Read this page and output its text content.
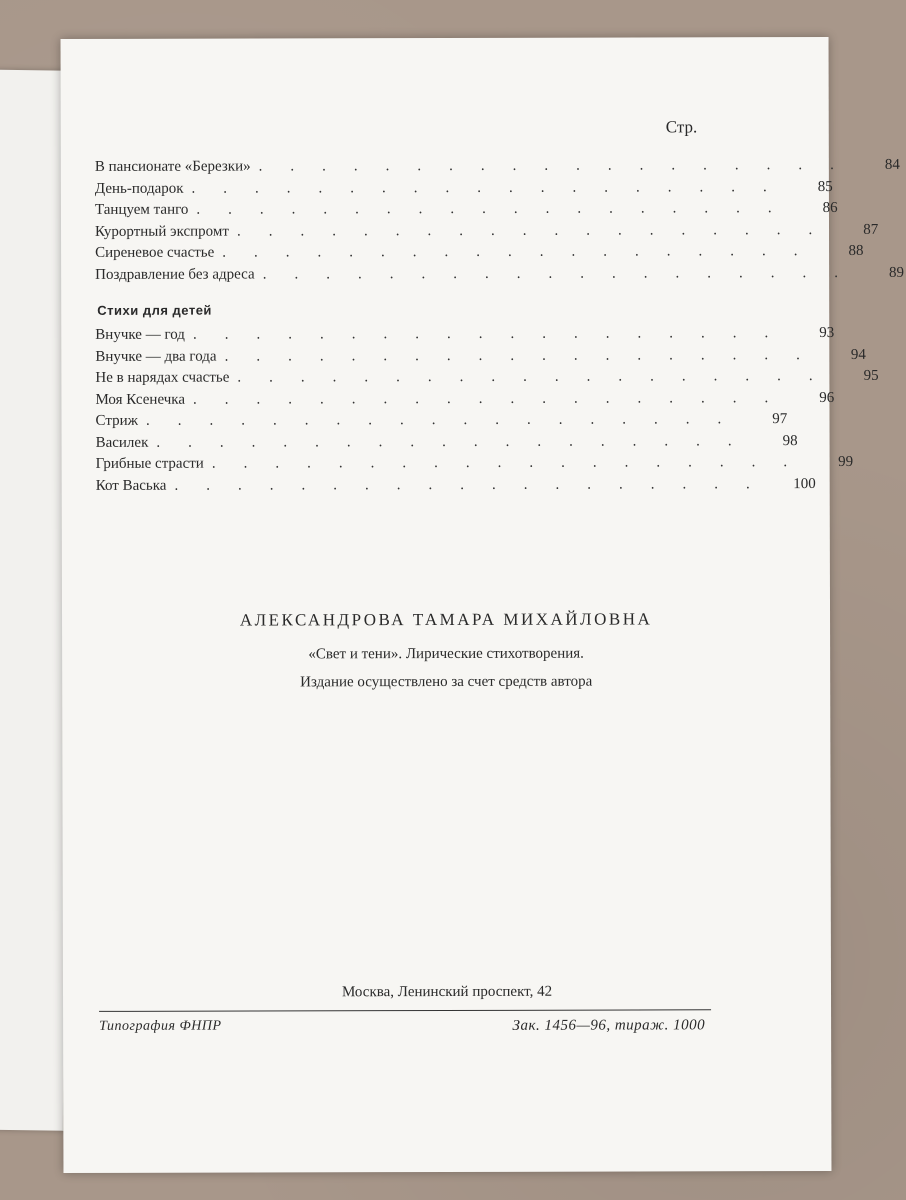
Стр.
В пансионате «Березки» ...................	84
День-подарок ...................	85
Танцуем танго ...................	86
Курортный экспромт ...................	87
Сиреневое счастье ...................	88
Поздравление без адреса ...................	89
Стихи для детей
Внучке — год ...................	93
Внучке — два года ...................	94
Не в нарядах счастье ...................	95
Моя Ксенечка ...................	96
Стриж ...................	97
Василек ...................	98
Грибные страсти ...................	99
Кот Васька ...................	100
АЛЕКСАНДРОВА ТАМАРА МИХАЙЛОВНА
«Свет и тени». Лирические стихотворения.
Издание осуществлено за счет средств автора
Москва, Ленинский проспект, 42
Типография ФНПР	Зак. 1456—96, тираж. 1000
